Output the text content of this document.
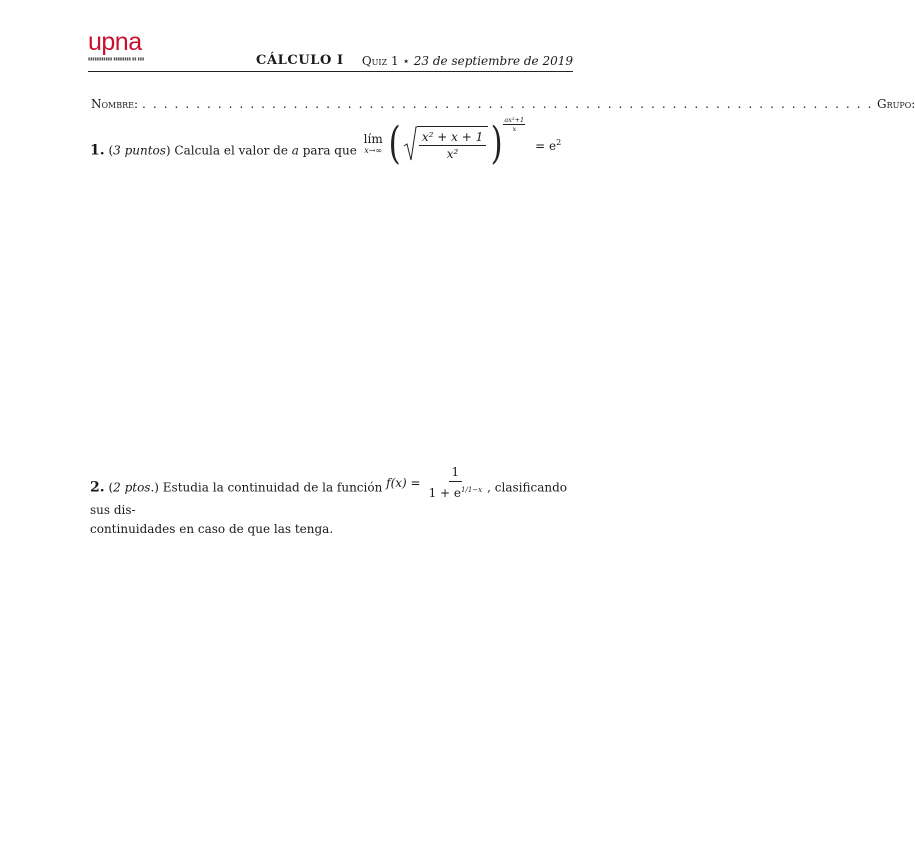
upna
▮▮▮▮▮▮▮▮▮▮▮ ▮▮▮▮▮▮▮▮ ▮▮ ▮▮▮	CÁLCULO I Quiz 1 ⋆ 23 de septiembre de 2019
Nombre: . . . . . . . . . . . . . . . . . . . . . . . . . . . . . . . . . . . . . . . . . . . . . . . . . . . . . . . . . . . . . . . . . . . . Grupo:
1. (3 puntos) Calcula el valor de a para que
lím
x→∞ ( $\frac{\text{x² + x + 1}}{\text{x²}}$ ) $\frac{\text{ax²+1}}{x}$
= $e^2$
2. (2 ptos.) Estudia la continuidad de la función $f(x) = \frac{1}{1 + e^{1/1-x}}$ , clasificando sus dis-
continuidades en caso de que las tenga.
